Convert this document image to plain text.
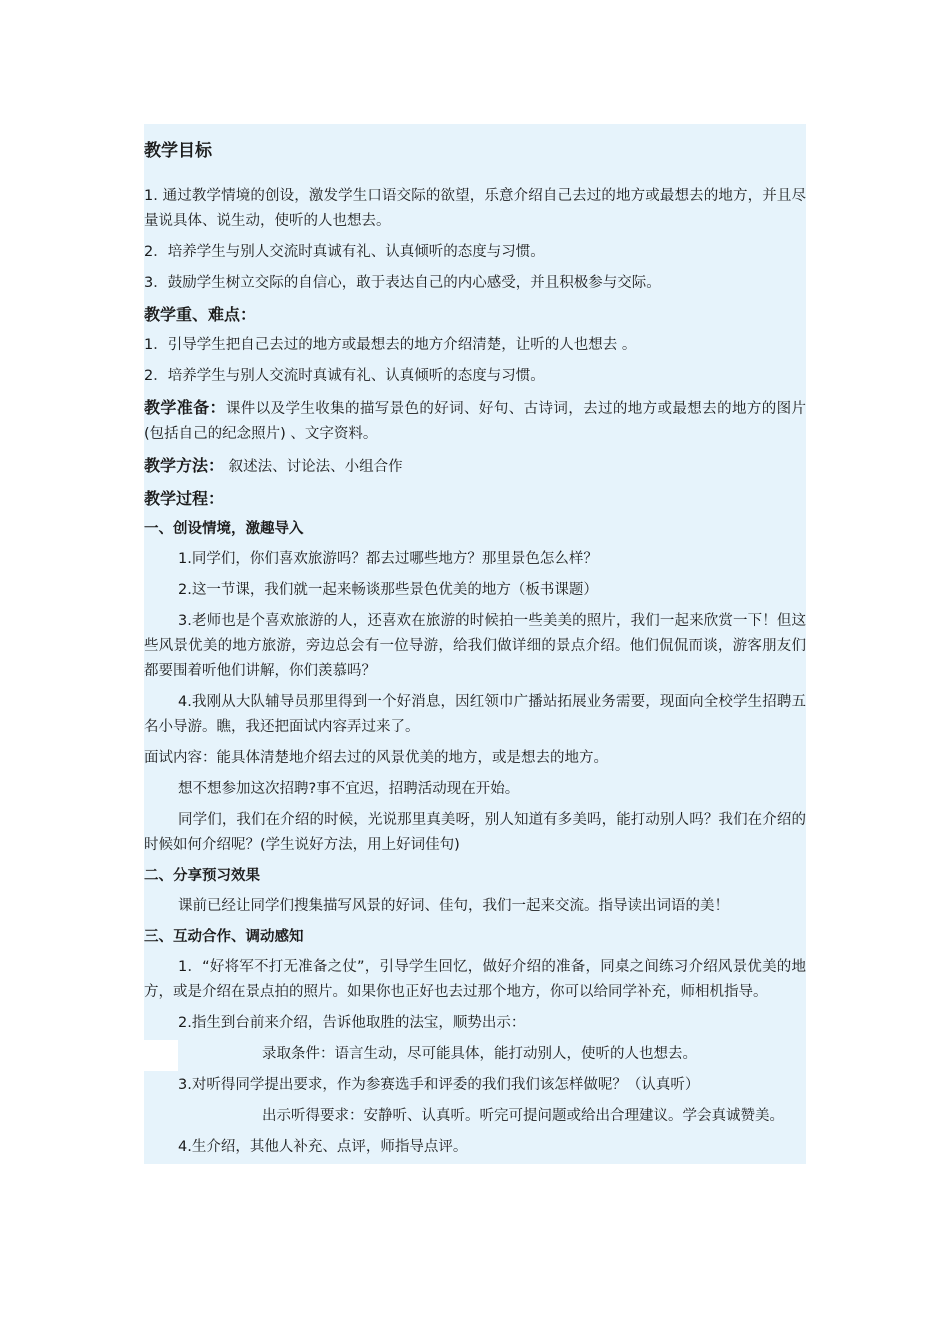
教学目标
1. 通过教学情境的创设，激发学生口语交际的欲望，乐意介绍自己去过的地方或最想去的地方，并且尽量说具体、说生动，使听的人也想去。
2．培养学生与别人交流时真诚有礼、认真倾听的态度与习惯。
3．鼓励学生树立交际的自信心，敢于表达自己的内心感受，并且积极参与交际。
教学重、难点：
1．引导学生把自己去过的地方或最想去的地方介绍清楚，让听的人也想去 。
2．培养学生与别人交流时真诚有礼、认真倾听的态度与习惯。
教学准备：课件以及学生收集的描写景色的好词、好句、古诗词，去过的地方或最想去的地方的图片(包括自己的纪念照片) 、文字资料。
教学方法： 叙述法、讨论法、小组合作
教学过程：
一、创设情境，激趣导入
1.同学们，你们喜欢旅游吗？都去过哪些地方？那里景色怎么样？
2.这一节课，我们就一起来畅谈那些景色优美的地方（板书课题）
3.老师也是个喜欢旅游的人，还喜欢在旅游的时候拍一些美美的照片，我们一起来欣赏一下！但这些风景优美的地方旅游，旁边总会有一位导游，给我们做详细的景点介绍。他们侃侃而谈，游客朋友们都要围着听他们讲解，你们羡慕吗？
4.我刚从大队辅导员那里得到一个好消息，因红领巾广播站拓展业务需要，现面向全校学生招聘五名小导游。瞧，我还把面试内容弄过来了。
面试内容：能具体清楚地介绍去过的风景优美的地方，或是想去的地方。
想不想参加这次招聘?事不宜迟，招聘活动现在开始。
同学们，我们在介绍的时候，光说那里真美呀，别人知道有多美吗，能打动别人吗？我们在介绍的时候如何介绍呢？(学生说好方法，用上好词佳句)
二、分享预习效果
课前已经让同学们搜集描写风景的好词、佳句，我们一起来交流。指导读出词语的美！
三、互动合作、调动感知
1．“好将军不打无准备之仗”，引导学生回忆，做好介绍的准备，同桌之间练习介绍风景优美的地方，或是介绍在景点拍的照片。如果你也正好也去过那个地方，你可以给同学补充，师相机指导。
2.指生到台前来介绍，告诉他取胜的法宝，顺势出示：
录取条件：语言生动，尽可能具体，能打动别人，使听的人也想去。
3.对听得同学提出要求，作为参赛选手和评委的我们我们该怎样做呢？（认真听）
出示听得要求：安静听、认真听。听完可提问题或给出合理建议。学会真诚赞美。
4.生介绍，其他人补充、点评，师指导点评。
